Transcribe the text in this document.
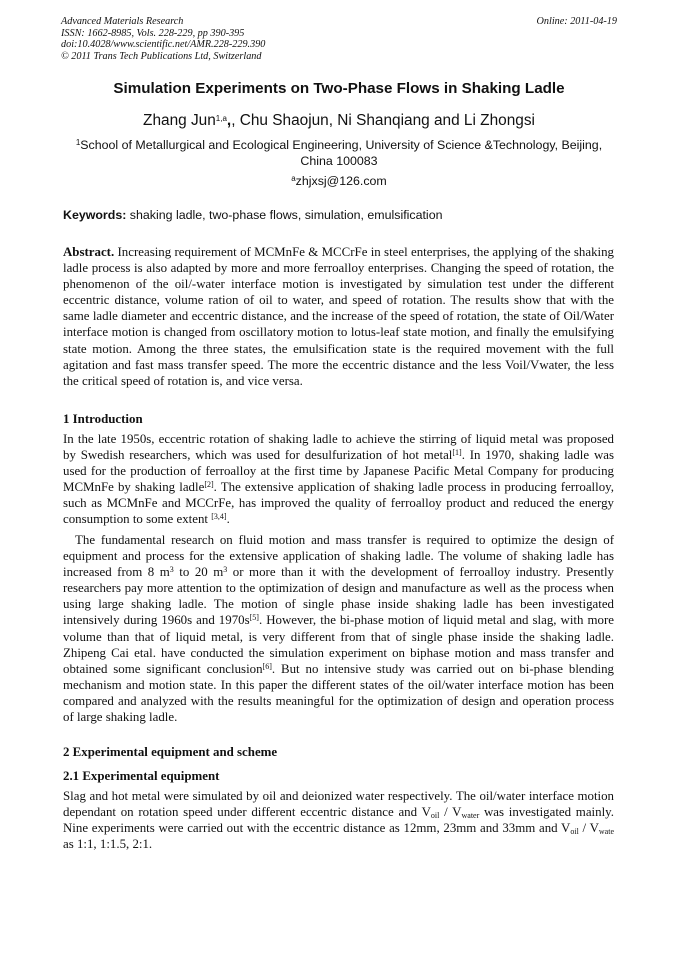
Advanced Materials Research
ISSN: 1662-8985, Vols. 228-229, pp 390-395
doi:10.4028/www.scientific.net/AMR.228-229.390
© 2011 Trans Tech Publications Ltd, Switzerland
Online: 2011-04-19
Simulation Experiments on Two-Phase Flows in Shaking Ladle
Zhang Jun$^{1,a}$,, Chu Shaojun, Ni Shanqiang and Li Zhongsi
$^1$School of Metallurgical and Ecological Engineering, University of Science &Technology, Beijing, China 100083
$^a$zhjxsj@126.com
Keywords: shaking ladle, two-phase flows, simulation, emulsification

Abstract. Increasing requirement of MCMnFe & MCCrFe in steel enterprises, the applying of the shaking ladle process is also adapted by more and more ferroalloy enterprises. Changing the speed of rotation, the phenomenon of the oil/-water interface motion is investigated by simulation test under the different eccentric distance, volume ration of oil to water, and speed of rotation. The results show that with the same ladle diameter and eccentric distance, and the increase of the speed of rotation, the state of Oil/Water interface motion is changed from oscillatory motion to lotus-leaf state motion, and finally the emulsifying state motion. Among the three states, the emulsification state is the required movement with the full agitation and fast mass transfer speed. The more the eccentric distance and the less Voil/Vwater, the less the critical speed of rotation is, and vice versa.

1 Introduction

In the late 1950s, eccentric rotation of shaking ladle to achieve the stirring of liquid metal was proposed by Swedish researchers, which was used for desulfurization of hot metal[1]. In 1970, shaking ladle was used for the production of ferroalloy at the first time by Japanese Pacific Metal Company for producing MCMnFe by shaking ladle[2]. The extensive application of shaking ladle process in producing ferroalloy, such as MCMnFe and MCCrFe, has improved the quality of ferroalloy product and reduced the energy consumption to some extent [3,4].

The fundamental research on fluid motion and mass transfer is required to optimize the design of equipment and process for the extensive application of shaking ladle. The volume of shaking ladle has increased from 8 $m^3$ to 20 $m^3$ or more than it with the development of ferroalloy industry. Presently researchers pay more attention to the optimization of design and manufacture as well as the process when using large shaking ladle. The motion of single phase inside shaking ladle has been investigated intensively during 1960s and 1970s[5]. However, the bi-phase motion of liquid metal and slag, with more volume than that of liquid metal, is very different from that of single phase inside the shaking ladle. Zhipeng Cai etal. have conducted the simulation experiment on biphase motion and mass transfer and obtained some significant conclusion[6]. But no intensive study was carried out on bi-phase blending mechanism and motion state. In this paper the different states of the oil/water interface motion has been compared and analyzed with the results meaningful for the optimization of design and operation process of large shaking ladle.

2 Experimental equipment and scheme
2.1 Experimental equipment

Slag and hot metal were simulated by oil and deionized water respectively. The oil/water interface motion dependant on rotation speed under different eccentric distance and $V_{oil} / V_{water}$ was investigated mainly. Nine experiments were carried out with the eccentric distance as 12mm, 23mm and 33mm and $V_{oil} / V_{wate}$ as 1:1, 1:1.5, 2:1.
